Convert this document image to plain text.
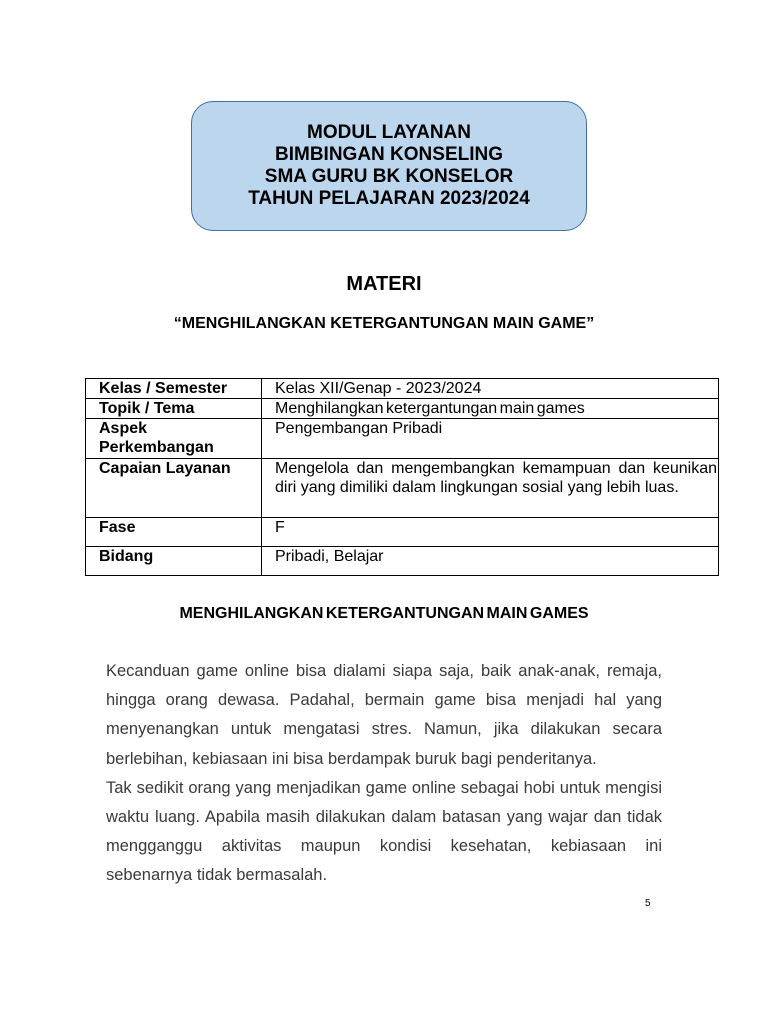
MODUL LAYANAN
BIMBINGAN KONSELING
SMA GURU BK KONSELOR
TAHUN PELAJARAN 2023/2024
MATERI
“MENGHILANGKAN KETERGANTUNGAN MAIN GAME”
Kelas / Semester	Kelas XII/Genap - 2023/2024
Topik / Tema	Menghilangkan ketergantungan main games
Aspek Perkembangan	Pengembangan Pribadi
Capaian Layanan	Mengelola dan mengembangkan kemampuan dan keunikan diri yang dimiliki dalam lingkungan sosial yang lebih luas.
Fase	F
Bidang	Pribadi, Belajar
MENGHILANGKAN KETERGANTUNGAN MAIN GAMES

Kecanduan game online bisa dialami siapa saja, baik anak-anak, remaja, hingga orang dewasa. Padahal, bermain game bisa menjadi hal yang menyenangkan untuk mengatasi stres. Namun, jika dilakukan secara berlebihan, kebiasaan ini bisa berdampak buruk bagi penderitanya.

Tak sedikit orang yang menjadikan game online sebagai hobi untuk mengisi waktu luang. Apabila masih dilakukan dalam batasan yang wajar dan tidak mengganggu aktivitas maupun kondisi kesehatan, kebiasaan ini sebenarnya tidak bermasalah.

5
